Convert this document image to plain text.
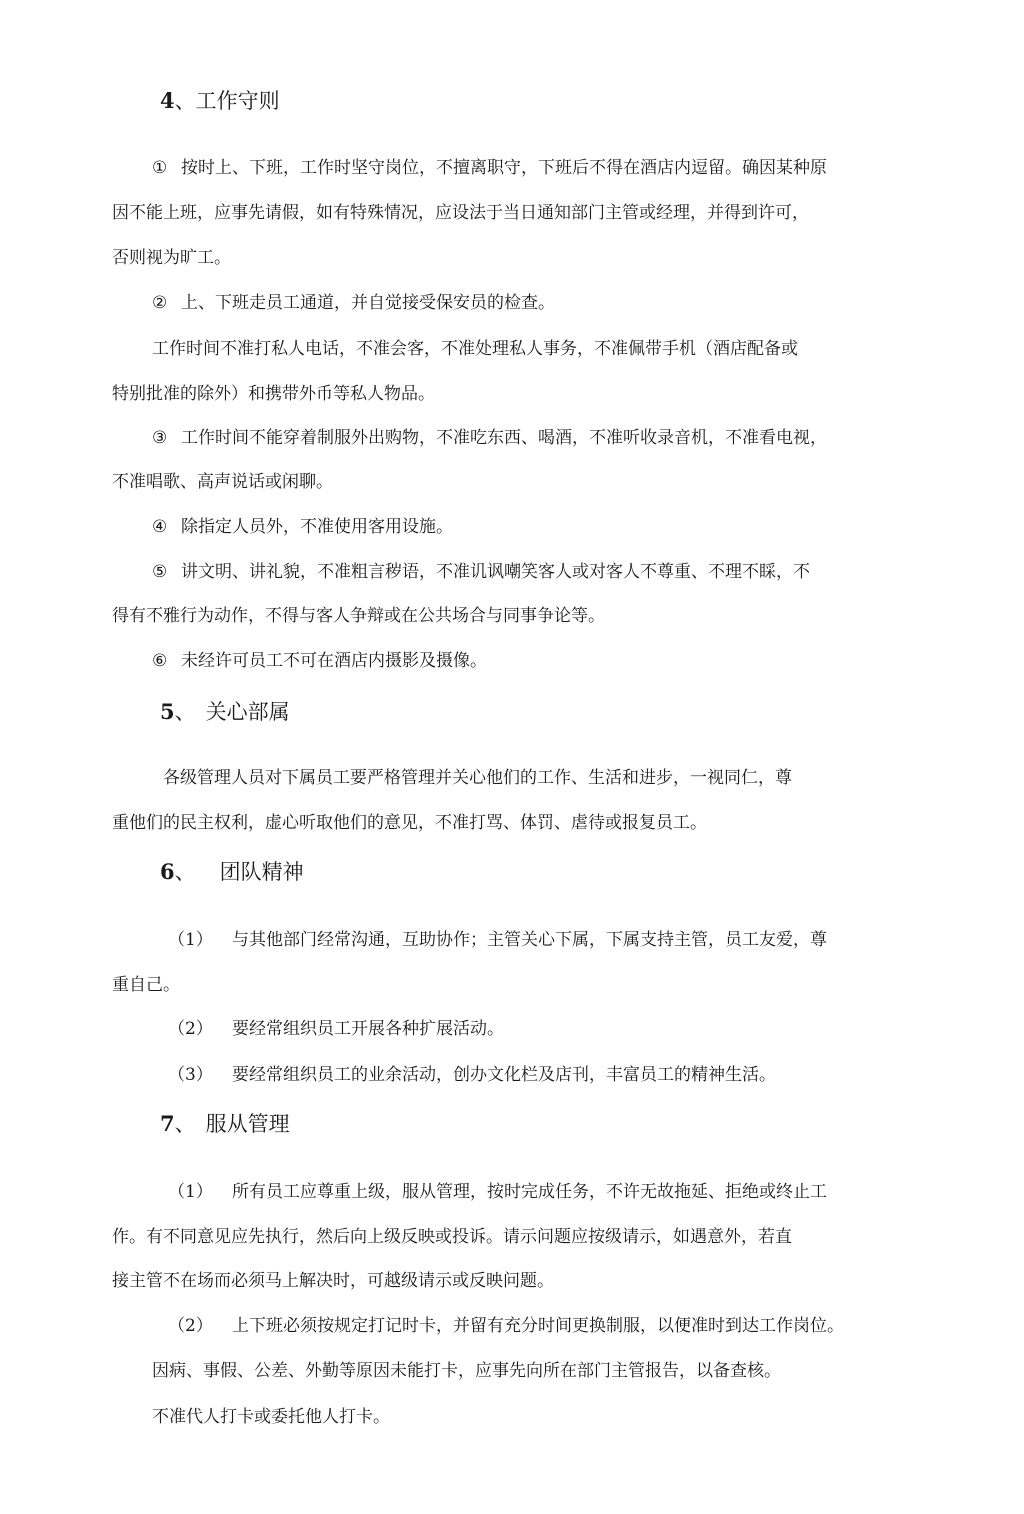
4、工作守则
① 按时上、下班，工作时坚守岗位，不擅离职守，下班后不得在酒店内逗留。确因某种原
因不能上班，应事先请假，如有特殊情况，应设法于当日通知部门主管或经理，并得到许可，
否则视为旷工。
② 上、下班走员工通道，并自觉接受保安员的检查。
工作时间不准打私人电话，不准会客，不准处理私人事务，不准佩带手机（酒店配备或
特别批准的除外）和携带外币等私人物品。
③ 工作时间不能穿着制服外出购物，不准吃东西、喝酒，不准听收录音机，不准看电视，
不准唱歌、高声说话或闲聊。
④ 除指定人员外，不准使用客用设施。
⑤ 讲文明、讲礼貌，不准粗言秽语，不准讥讽嘲笑客人或对客人不尊重、不理不睬，不
得有不雅行为动作，不得与客人争辩或在公共场合与同事争论等。
⑥ 未经许可员工不可在酒店内摄影及摄像。
5、 关心部属
各级管理人员对下属员工要严格管理并关心他们的工作、生活和进步，一视同仁，尊
重他们的民主权利，虚心听取他们的意见，不准打骂、体罚、虐待或报复员工。
6、 团队精神
（1） 与其他部门经常沟通，互助协作；主管关心下属，下属支持主管，员工友爱，尊
重自己。
（2） 要经常组织员工开展各种扩展活动。
（3） 要经常组织员工的业余活动，创办文化栏及店刊，丰富员工的精神生活。
7、 服从管理
（1） 所有员工应尊重上级，服从管理，按时完成任务，不许无故拖延、拒绝或终止工
作。有不同意见应先执行，然后向上级反映或投诉。请示问题应按级请示，如遇意外，若直
接主管不在场而必须马上解决时，可越级请示或反映问题。
（2） 上下班必须按规定打记时卡，并留有充分时间更换制服，以便准时到达工作岗位。
因病、事假、公差、外勤等原因未能打卡，应事先向所在部门主管报告，以备查核。
不准代人打卡或委托他人打卡。
